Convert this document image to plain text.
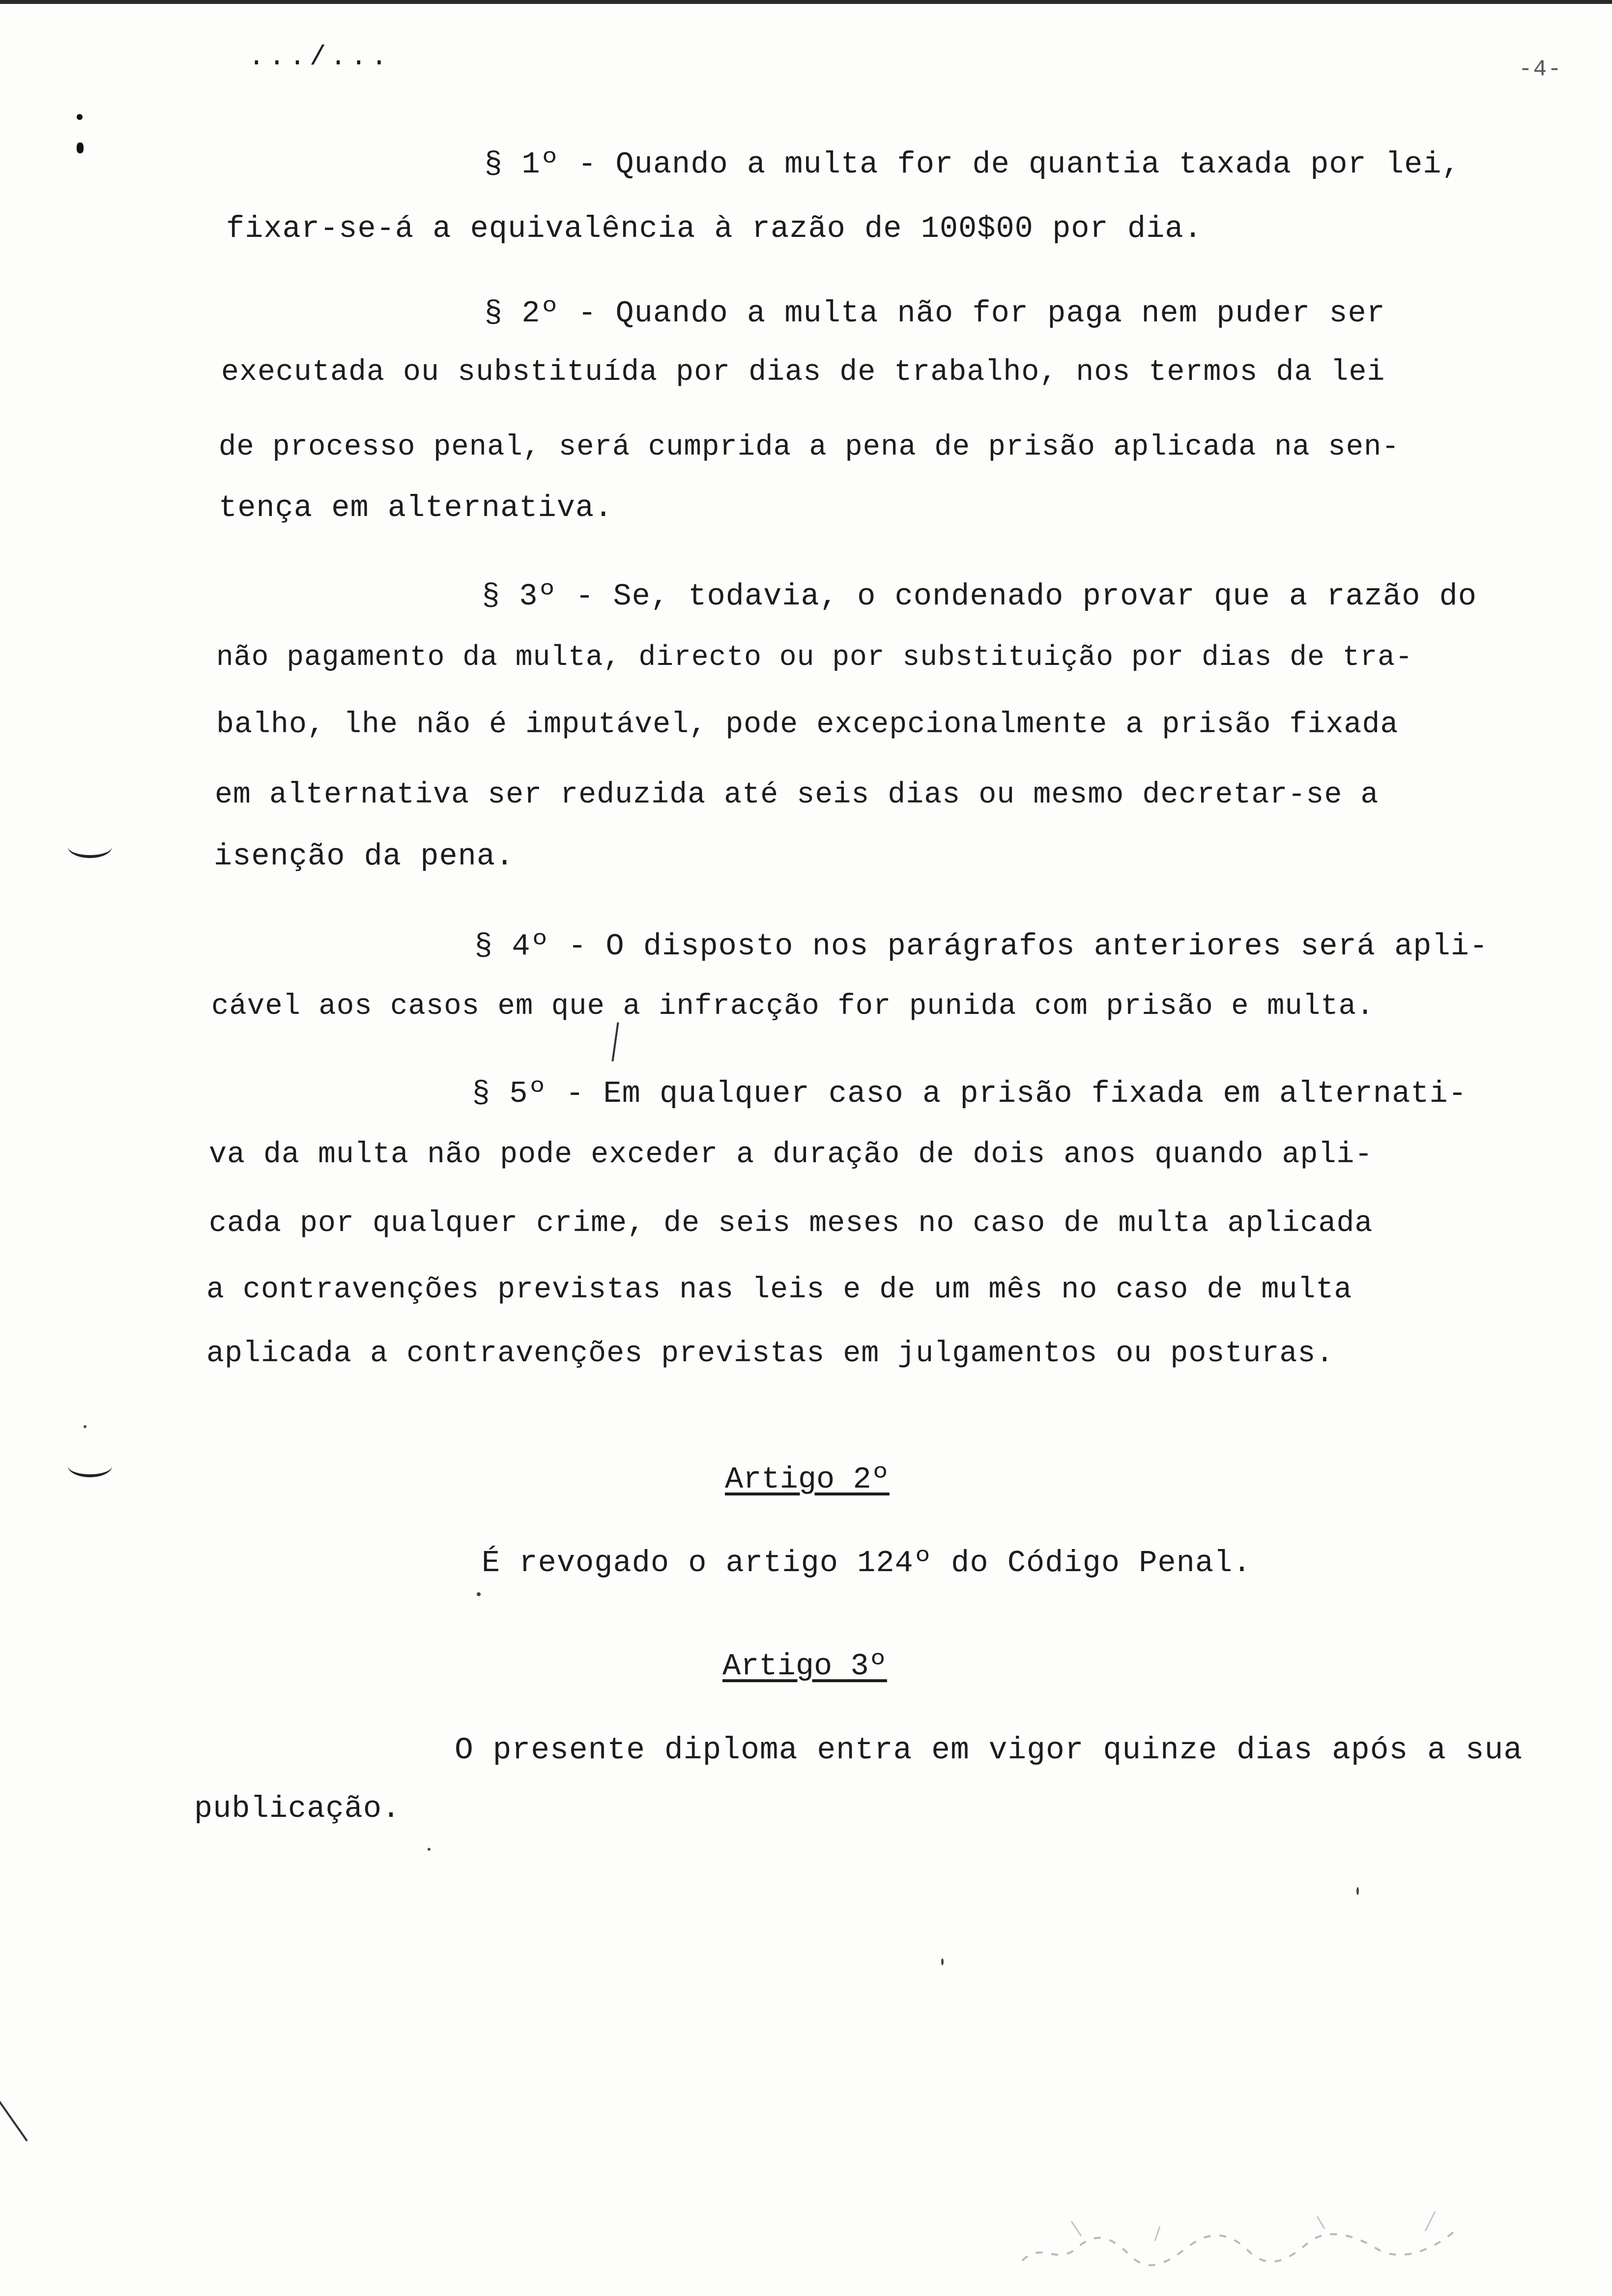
.../...	-4-
§ 1º - Quando a multa for de quantia taxada por lei,
fixar-se-á a equivalência à razão de 100$00 por dia.
§ 2º - Quando a multa não for paga nem puder ser
executada ou substituída por dias de trabalho, nos termos da lei
de processo penal, será cumprida a pena de prisão aplicada na sen-
tença em alternativa.
§ 3º - Se, todavia, o condenado provar que a razão do
não pagamento da multa, directo ou por substituição por dias de tra-
balho, lhe não é imputável, pode excepcionalmente a prisão fixada
em alternativa ser reduzida até seis dias ou mesmo decretar-se a
isenção da pena.
§ 4º - O disposto nos parágrafos anteriores será apli-
cável aos casos em que a infracção for punida com prisão e multa.
§ 5º - Em qualquer caso a prisão fixada em alternati-
va da multa não pode exceder a duração de dois anos quando apli-
cada por qualquer crime, de seis meses no caso de multa aplicada
a contravenções previstas nas leis e de um mês no caso de multa
aplicada a contravenções previstas em julgamentos ou posturas.
Artigo 2º
É revogado o artigo 124º do Código Penal.
Artigo 3º
O presente diploma entra em vigor quinze dias após a sua
publicação.
